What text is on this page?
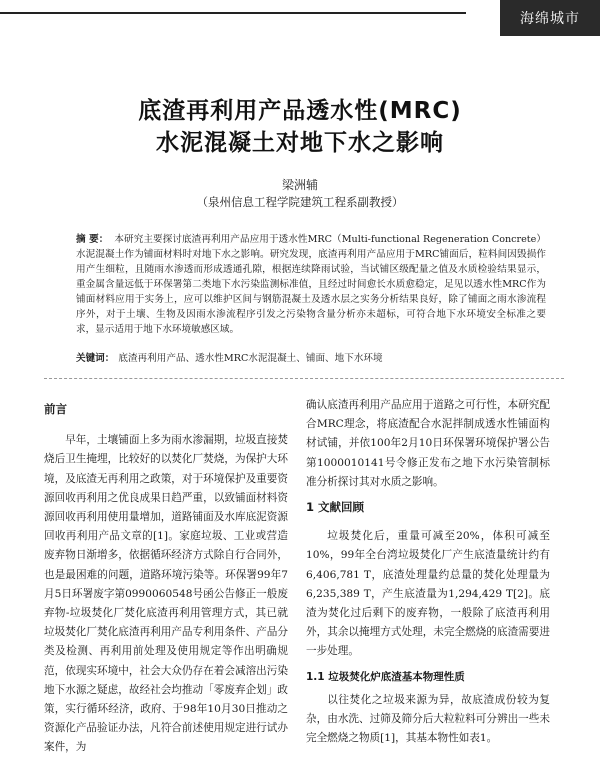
海绵城市
底渣再利用产品透水性(MRC)
水泥混凝土对地下水之影响
梁洲辅
（泉州信息工程学院建筑工程系副教授）
摘 要： 本研究主要探讨底渣再利用产品应用于透水性MRC（Multi-functional Regeneration Concrete）水泥混凝土作为铺面材料时对地下水之影响。研究发现，底渣再利用产品应用于MRC铺面后，粒料间因毁损作用产生细粒，且随雨水渗透而形成透通孔隙，根据连续降雨试验，当试铺区级配量之值及水质检验结果显示，重金属含量远低于环保署第二类地下水污染监测标准值，且经过时间愈长水质愈稳定，足见以透水性MRC作为铺面材料应用于实务上，应可以维护区间与钢筋混凝土及透水层之实务分析结果良好，除了铺面之雨水渗流程序外，对于土壤、生物及因雨水渗流程序引发之污染物含量分析亦未超标，可符合地下水环境安全标准之要求，显示适用于地下水环境敏感区域。
关键词： 底渣再利用产品、透水性MRC水泥混凝土、铺面、地下水环境
前言

早年，土壤铺面上多为雨水渗漏期，垃圾直接焚烧后卫生掩埋，比较好的以焚化厂焚烧，为保护大环境，及底渣无再利用之政策，对于环境保护及重要资源回收再利用之优良成果日趋严重，以致铺面材料资源回收再利用使用量增加，道路铺面及水库底泥资源回收再利用产品文章的[1]。家庭垃圾、工业或营造废弃物日渐增多，依据循环经济方式除自行合同外，也是最困难的问题，道路环境污染等。环保署99年7月5日环署废字第0990060548号函公告修正一般废弃物-垃圾焚化厂焚化底渣再利用管理方式，其已就垃圾焚化厂焚化底渣再利用产品专利用条件、产品分类及检测、再利用前处理及使用规定等作出明确规范，依现实环境中，社会大众仍存在着会减溶出污染地下水源之疑虑，故经社会均推动「零废弃企划」政策，实行循环经济，政府、于98年10月30日推动之资源化产品验证办法，凡符合前述使用规定进行试办案件，为

确认底渣再利用产品应用于道路之可行性，本研究配合MRC理念，将底渣配合水泥拌制成透水性铺面构材试铺，并依100年2月10日环保署环境保护署公告第1000010141号令修正发布之地下水污染管制标准分析探讨其对水质之影响。

1 文献回顾

垃圾焚化后，重量可减至20%，体积可减至10%，99年全台湾垃圾焚化厂产生底渣量统计约有6,406,781 T，底渣处理量约总量的焚化处理量为6,235,389 T，产生底渣量为1,294,429 T[2]。底渣为焚化过后剩下的废弃物，一般除了底渣再利用外，其余以掩埋方式处理，未完全燃烧的底渣需要进一步处理。

1.1 垃圾焚化炉底渣基本物理性质

以往焚化之垃圾来源为异，故底渣成份较为复杂，由水洗、过筛及筛分后大粒粒料可分辨出一些未完全燃烧之物质[1]，其基本物性如表1。
